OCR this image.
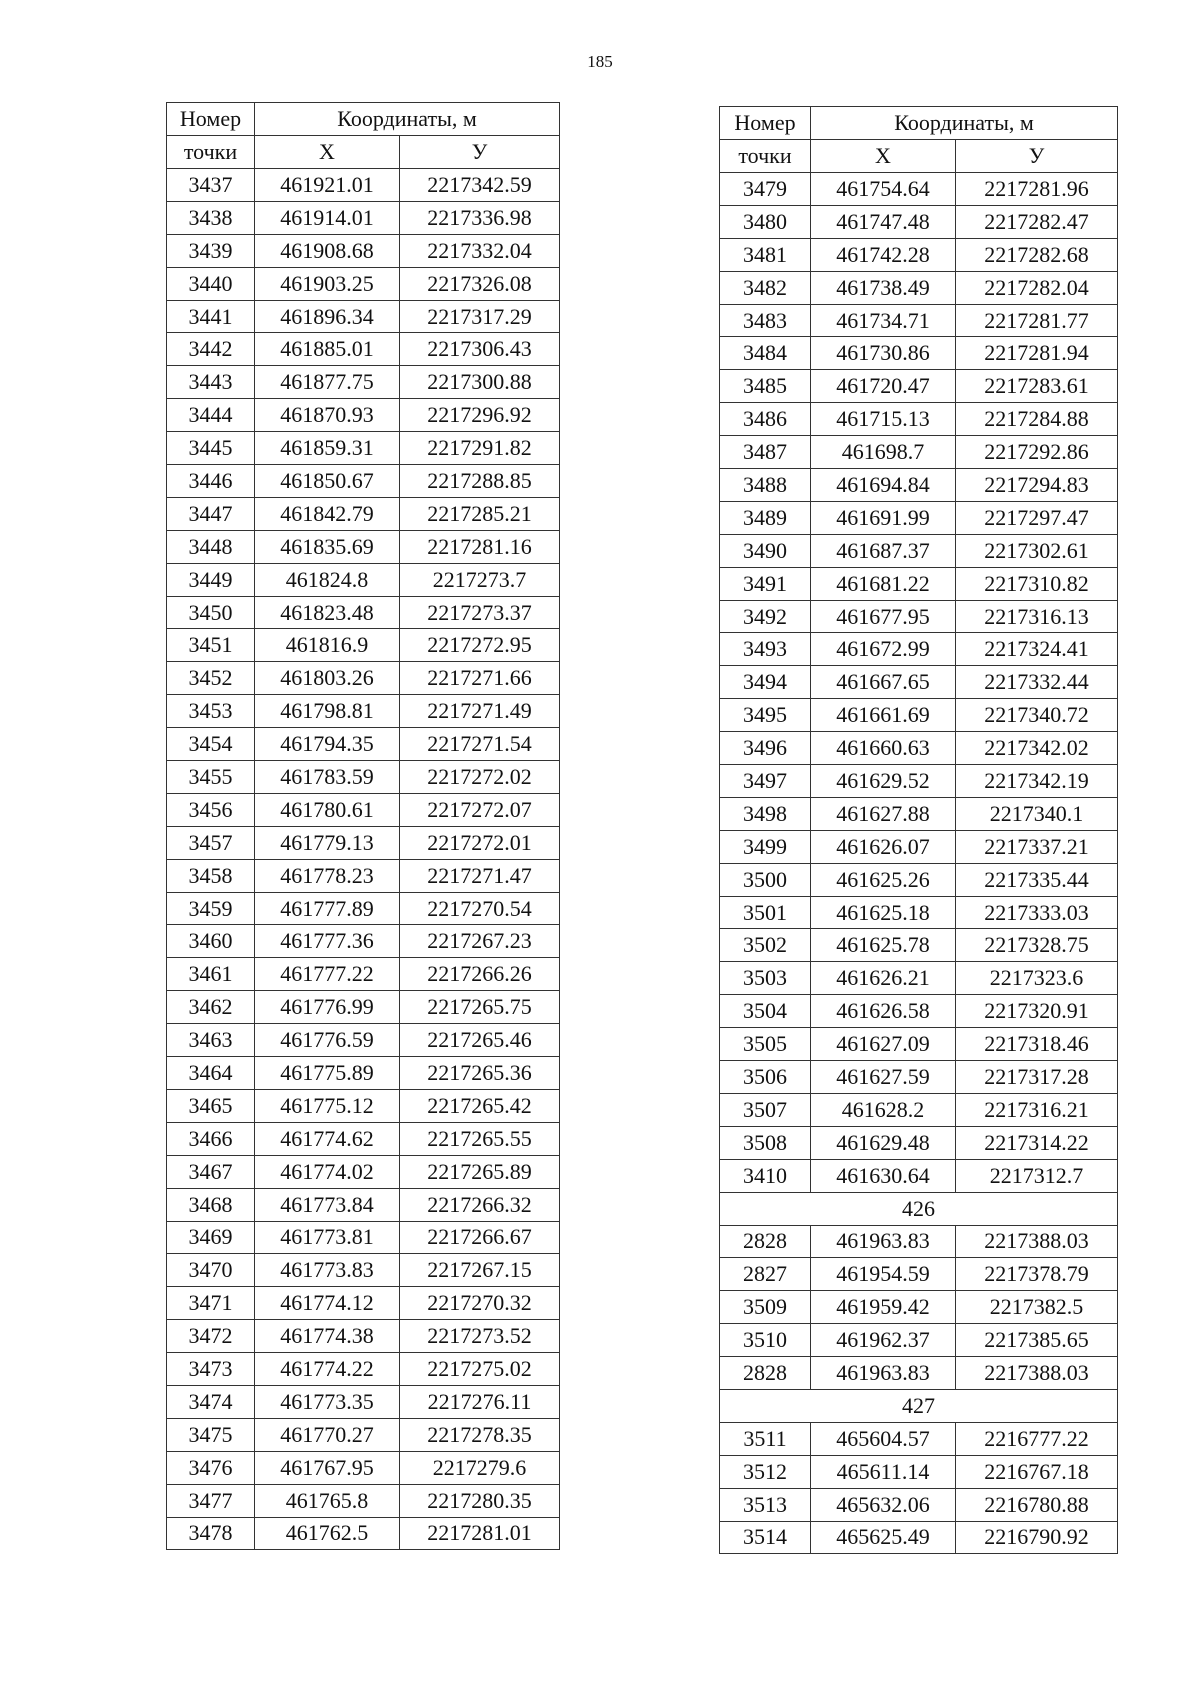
185
Номер	Координаты, м	
точки	Х	У
3437	461921.01	2217342.59
3438	461914.01	2217336.98
3439	461908.68	2217332.04
3440	461903.25	2217326.08
3441	461896.34	2217317.29
3442	461885.01	2217306.43
3443	461877.75	2217300.88
3444	461870.93	2217296.92
3445	461859.31	2217291.82
3446	461850.67	2217288.85
3447	461842.79	2217285.21
3448	461835.69	2217281.16
3449	461824.8	2217273.7
3450	461823.48	2217273.37
3451	461816.9	2217272.95
3452	461803.26	2217271.66
3453	461798.81	2217271.49
3454	461794.35	2217271.54
3455	461783.59	2217272.02
3456	461780.61	2217272.07
3457	461779.13	2217272.01
3458	461778.23	2217271.47
3459	461777.89	2217270.54
3460	461777.36	2217267.23
3461	461777.22	2217266.26
3462	461776.99	2217265.75
3463	461776.59	2217265.46
3464	461775.89	2217265.36
3465	461775.12	2217265.42
3466	461774.62	2217265.55
3467	461774.02	2217265.89
3468	461773.84	2217266.32
3469	461773.81	2217266.67
3470	461773.83	2217267.15
3471	461774.12	2217270.32
3472	461774.38	2217273.52
3473	461774.22	2217275.02
3474	461773.35	2217276.11
3475	461770.27	2217278.35
3476	461767.95	2217279.6
3477	461765.8	2217280.35
3478	461762.5	2217281.01
Номер	Координаты, м	
точки	Х	У
3479	461754.64	2217281.96
3480	461747.48	2217282.47
3481	461742.28	2217282.68
3482	461738.49	2217282.04
3483	461734.71	2217281.77
3484	461730.86	2217281.94
3485	461720.47	2217283.61
3486	461715.13	2217284.88
3487	461698.7	2217292.86
3488	461694.84	2217294.83
3489	461691.99	2217297.47
3490	461687.37	2217302.61
3491	461681.22	2217310.82
3492	461677.95	2217316.13
3493	461672.99	2217324.41
3494	461667.65	2217332.44
3495	461661.69	2217340.72
3496	461660.63	2217342.02
3497	461629.52	2217342.19
3498	461627.88	2217340.1
3499	461626.07	2217337.21
3500	461625.26	2217335.44
3501	461625.18	2217333.03
3502	461625.78	2217328.75
3503	461626.21	2217323.6
3504	461626.58	2217320.91
3505	461627.09	2217318.46
3506	461627.59	2217317.28
3507	461628.2	2217316.21
3508	461629.48	2217314.22
3410	461630.64	2217312.7
426		
2828	461963.83	2217388.03
2827	461954.59	2217378.79
3509	461959.42	2217382.5
3510	461962.37	2217385.65
2828	461963.83	2217388.03
427		
3511	465604.57	2216777.22
3512	465611.14	2216767.18
3513	465632.06	2216780.88
3514	465625.49	2216790.92
